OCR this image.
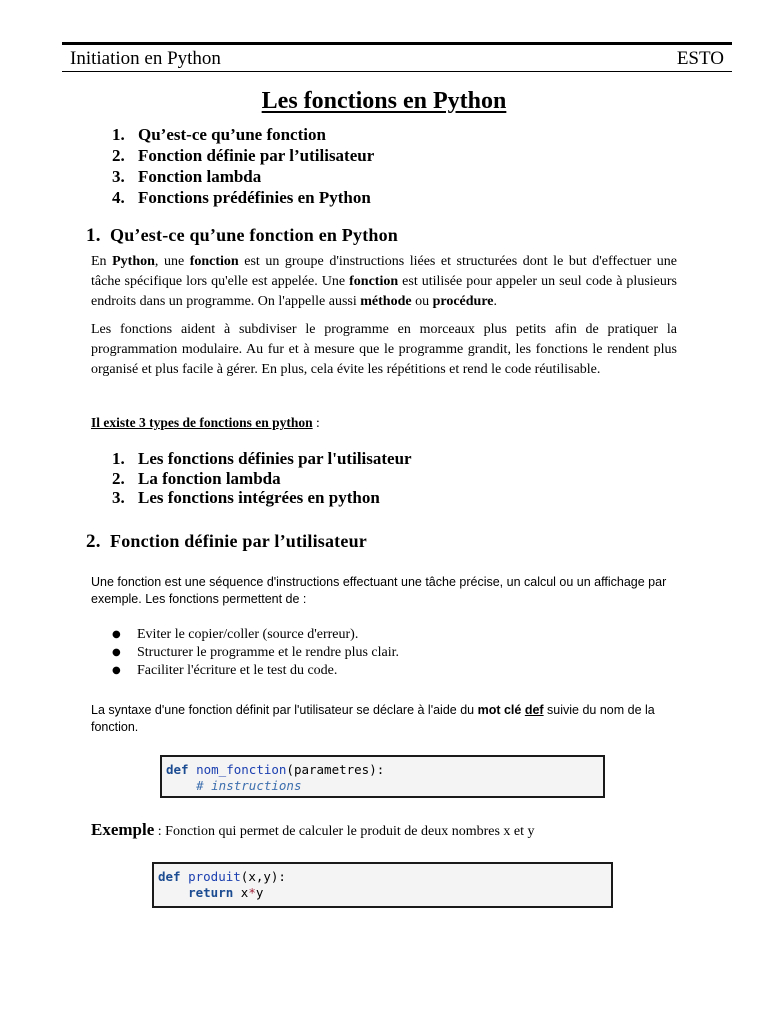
Initiation en Python	ESTO
Les fonctions en Python
1. Qu’est-ce qu’une fonction
2. Fonction définie par l’utilisateur
3. Fonction lambda
4. Fonctions prédéfinies en Python
1. Qu’est-ce qu’une fonction en Python
En Python, une fonction est un groupe d'instructions liées et structurées dont le but d'effectuer une tâche spécifique lors qu'elle est appelée. Une fonction est utilisée pour appeler un seul code à plusieurs endroits dans un programme. On l'appelle aussi méthode ou procédure.
Les fonctions aident à subdiviser le programme en morceaux plus petits afin de pratiquer la programmation modulaire. Au fur et à mesure que le programme grandit, les fonctions le rendent plus organisé et plus facile à gérer. En plus, cela évite les répétitions et rend le code réutilisable.
Il existe 3 types de fonctions en python :
1. Les fonctions définies par l'utilisateur
2. La fonction lambda
3. Les fonctions intégrées en python
2. Fonction définie par l’utilisateur
Une fonction est une séquence d'instructions effectuant une tâche précise, un calcul ou un affichage par exemple. Les fonctions permettent de :
● Eviter le copier/coller (source d'erreur).
● Structurer le programme et le rendre plus clair.
● Faciliter l'écriture et le test du code.
La syntaxe d'une fonction définit par l'utilisateur se déclare à l'aide du mot clé def suivie du nom de la fonction.
def nom_fonction(parametres):
# instructions
Exemple : Fonction qui permet de calculer le produit de deux nombres x et y
def produit(x,y):
return x*y
